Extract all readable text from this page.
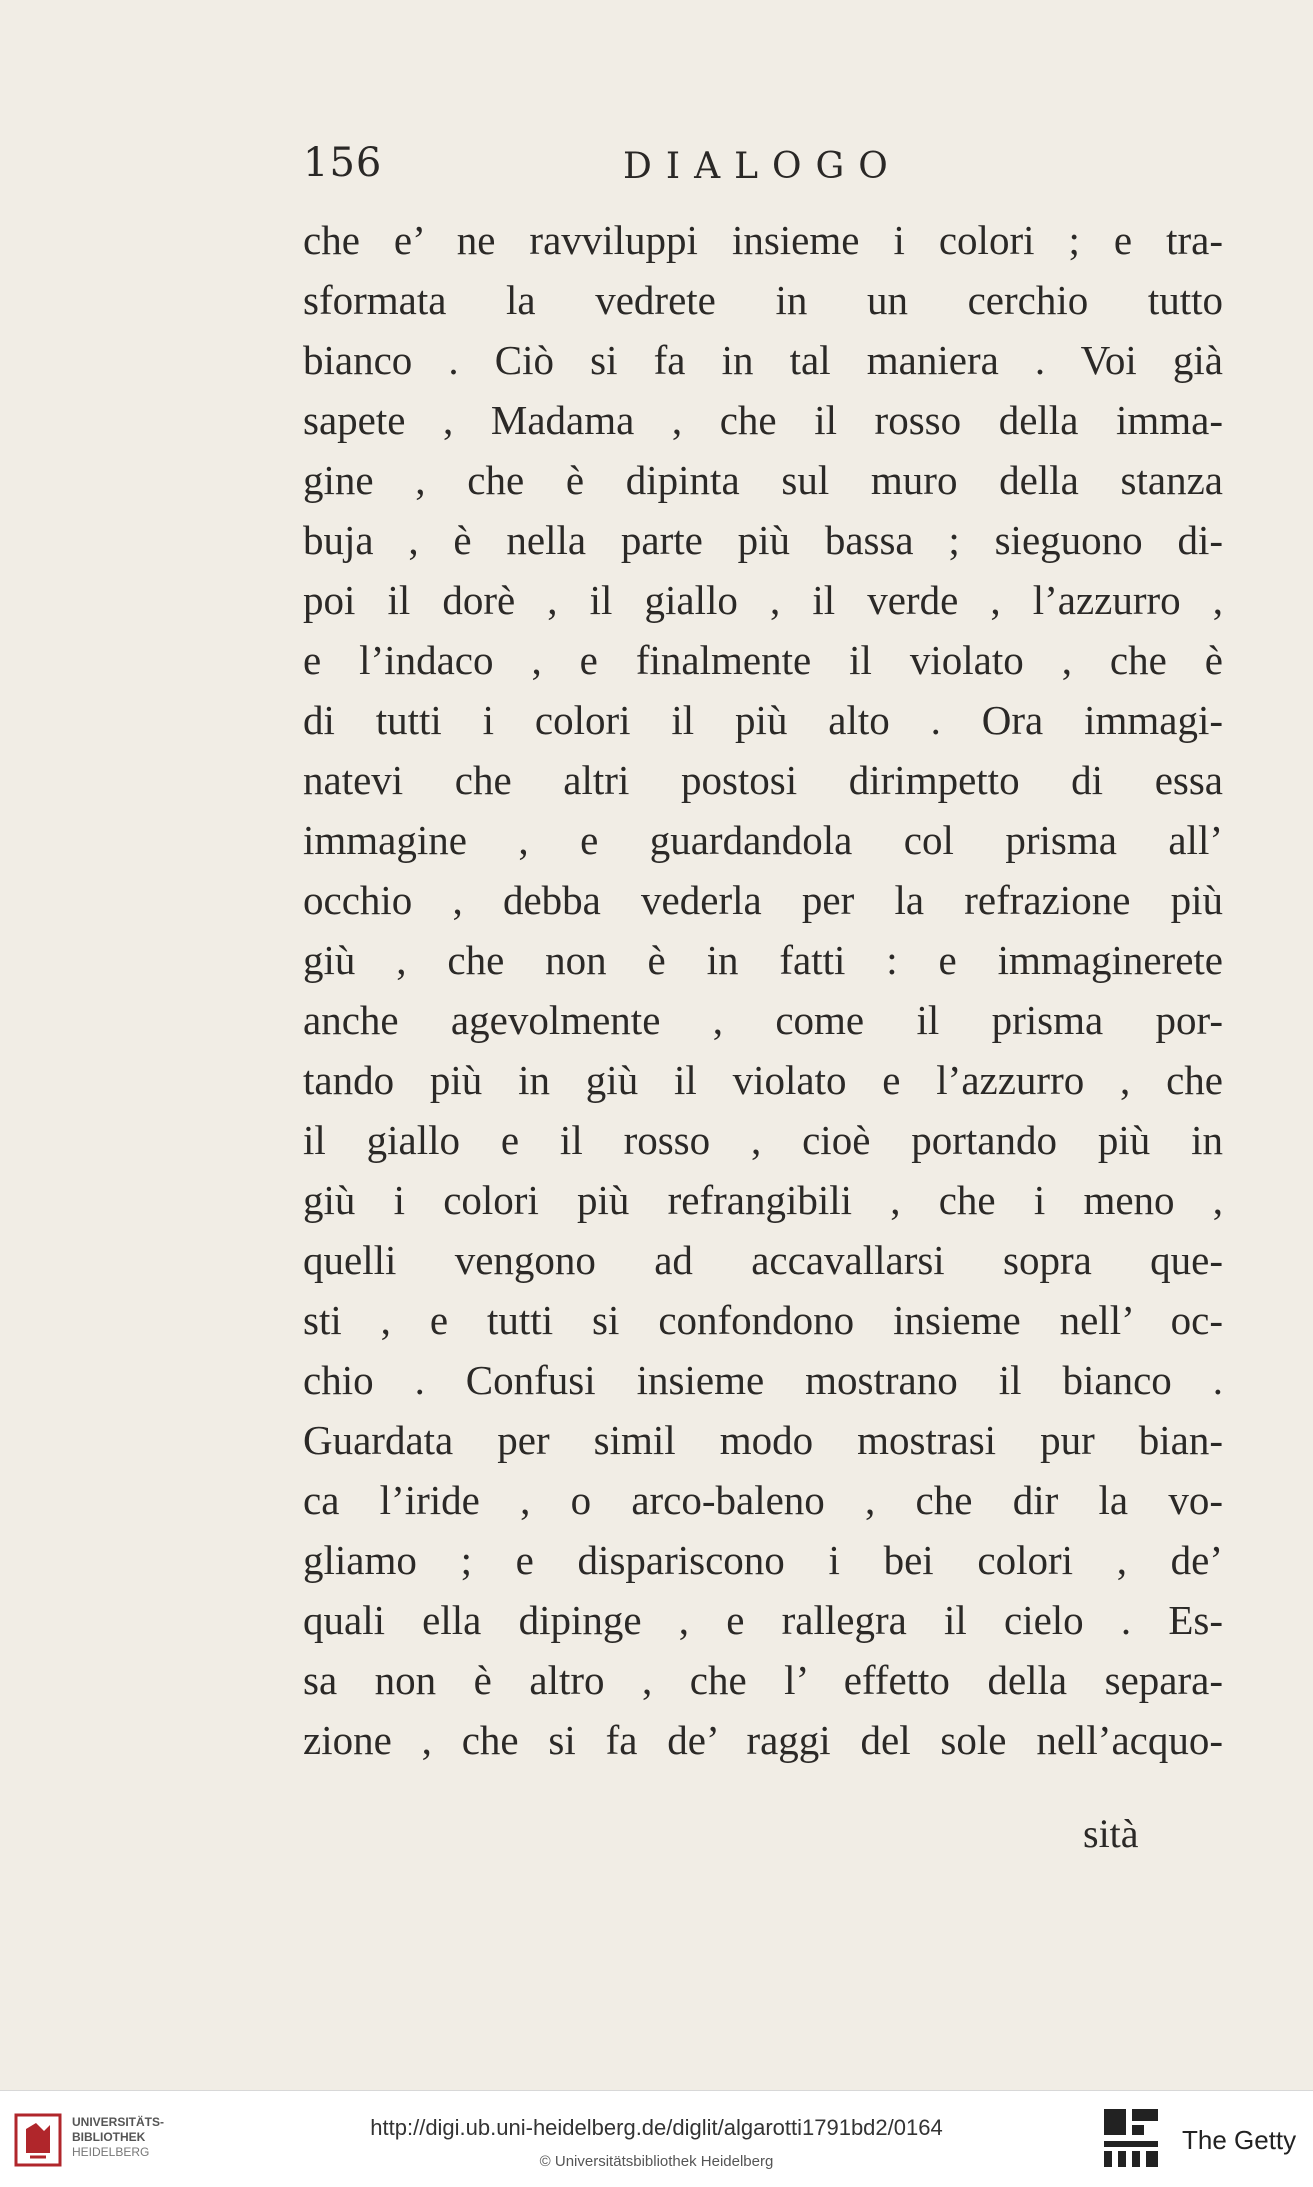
156	DIALOGO
che e’ ne ravviluppi insieme i colori ; e tra-
sformata la vedrete in un cerchio tutto
bianco . Ciò si fa in tal maniera . Voi già
sapete , Madama , che il rosso della imma-
gine , che è dipinta sul muro della stanza
buja , è nella parte più bassa ; sieguono di-
poi il dorè , il giallo , il verde , l’azzurro ,
e l’indaco , e finalmente il violato , che è
di tutti i colori il più alto . Ora immagi-
natevi che altri postosi dirimpetto di essa
immagine , e guardandola col prisma all’
occhio , debba vederla per la refrazione più
giù , che non è in fatti : e immaginerete
anche agevolmente , come il prisma por-
tando più in giù il violato e l’azzurro , che
il giallo e il rosso , cioè portando più in
giù i colori più refrangibili , che i meno ,
quelli vengono ad accavallarsi sopra que-
sti , e tutti si confondono insieme nell’ oc-
chio . Confusi insieme mostrano il bianco .
Guardata per simil modo mostrasi pur bian-
ca l’iride , o arco-baleno , che dir la vo-
gliamo ; e dispariscono i bei colori , de’
quali ella dipinge , e rallegra il cielo . Es-
sa non è altro , che l’ effetto della separa-
zione , che si fa de’ raggi del sole nell’acquo-
sità
UNIVERSITÄTS-
BIBLIOTHEK
HEIDELBERG
http://digi.ub.uni-heidelberg.de/diglit/algarotti1791bd2/0164
© Universitätsbibliothek Heidelberg
The Getty
